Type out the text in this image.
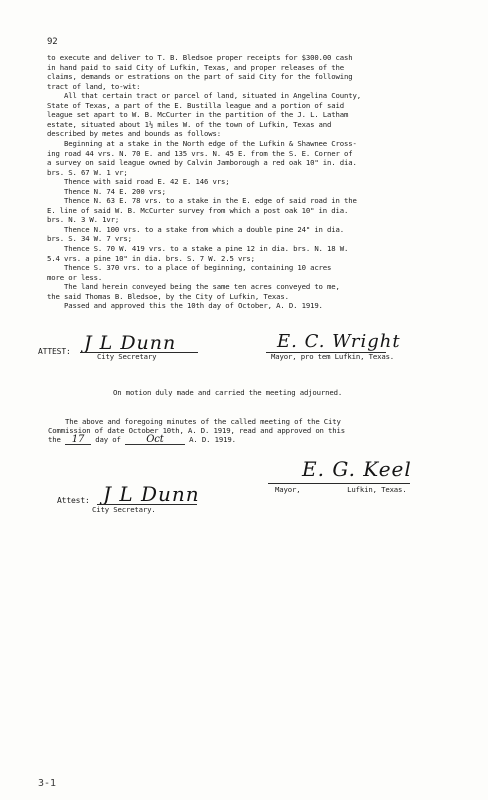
92
to execute and deliver to T. B. Bledsoe proper receipts for $300.00 cash
in hand paid to said City of Lufkin, Texas, and proper releases of the
claims, demands or estrations on the part of said City for the following
tract of land, to-wit:
All that certain tract or parcel of land, situated in Angelina County,
State of Texas, a part of the E. Bustilla league and a portion of said
league set apart to W. B. McCurter in the partition of the J. L. Latham
estate, situated about 1½ miles W. of the town of Lufkin, Texas and
described by metes and bounds as follows:
Beginning at a stake in the North edge of the Lufkin & Shawnee Cross-
ing road 44 vrs. N. 70 E. and 135 vrs. N. 45 E. from the S. E. Corner of
a survey on said league owned by Calvin Jamborough a red oak 10" in. dia.
brs. S. 67 W. 1 vr;
Thence with said road E. 42 E. 146 vrs;
Thence N. 74 E. 200 vrs;
Thence N. 63 E. 78 vrs. to a stake in the E. edge of said road in the
E. line of said W. B. McCurter survey from which a post oak 10" in dia.
brs. N. 3 W. 1vr;
Thence N. 100 vrs. to a stake from which a double pine 24" in dia.
brs. S. 34 W. 7 vrs;
Thence S. 70 W. 419 vrs. to a stake a pine 12 in dia. brs. N. 18 W.
5.4 vrs. a pine 10" in dia. brs. S. 7 W. 2.5 vrs;
Thence S. 370 vrs. to a place of beginning, containing 10 acres
more or less.
The land herein conveyed being the same ten acres conveyed to me,
the said Thomas B. Bledsoe, by the City of Lufkin, Texas.
Passed and approved this the 10th day of October, A. D. 1919.
ATTEST: J L Dunn
City Secretary
E. C. Wright
Mayor, pro tem Lufkin, Texas.
On motion duly made and carried the meeting adjourned.
The above and foregoing minutes of the called meeting of the City
Commission of date October 10th, A. D. 1919, read and approved on this
the 17 day of Oct	A. D. 1919.
E. G. Keel
Mayor,           Lufkin, Texas.
Attest: J L Dunn
City Secretary.
3-1
